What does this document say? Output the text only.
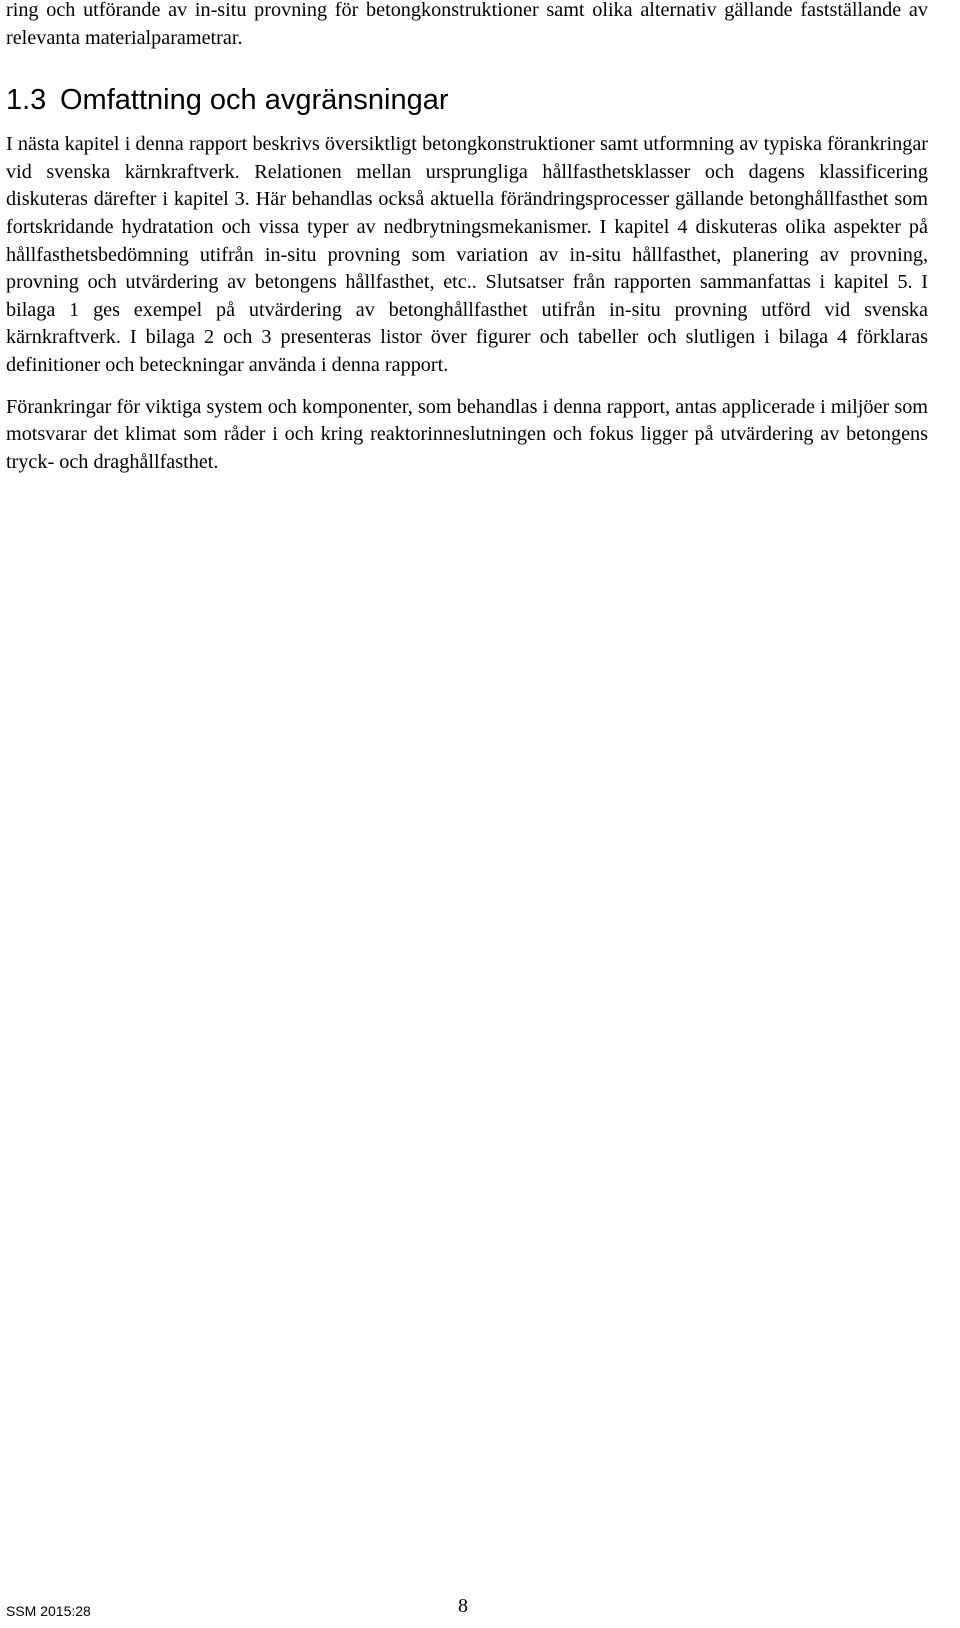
ring och utförande av in-situ provning för betongkonstruktioner samt olika alternativ gällande fastställande av relevanta materialparametrar.

1.3 Omfattning och avgränsningar

I nästa kapitel i denna rapport beskrivs översiktligt betongkonstruktioner samt utformning av typiska förankringar vid svenska kärnkraftverk. Relationen mellan ursprungliga hållfasthetsklasser och dagens klassificering diskuteras därefter i kapitel 3. Här behandlas också aktuella förändringsprocesser gällande betonghållfasthet som fortskridande hydratation och vissa typer av nedbrytningsmekanismer. I kapitel 4 diskuteras olika aspekter på hållfasthetsbedömning utifrån in-situ provning som variation av in-situ hållfasthet, planering av provning, provning och utvärdering av betongens hållfasthet, etc.. Slutsatser från rapporten sammanfattas i kapitel 5. I bilaga 1 ges exempel på utvärdering av betonghållfasthet utifrån in-situ provning utförd vid svenska kärnkraftverk. I bilaga 2 och 3 presenteras listor över figurer och tabeller och slutligen i bilaga 4 förklaras definitioner och beteckningar använda i denna rapport.

Förankringar för viktiga system och komponenter, som behandlas i denna rapport, antas applicerade i miljöer som motsvarar det klimat som råder i och kring reaktorinneslutningen och fokus ligger på utvärdering av betongens tryck- och draghållfasthet.

SSM 2015:28	8
